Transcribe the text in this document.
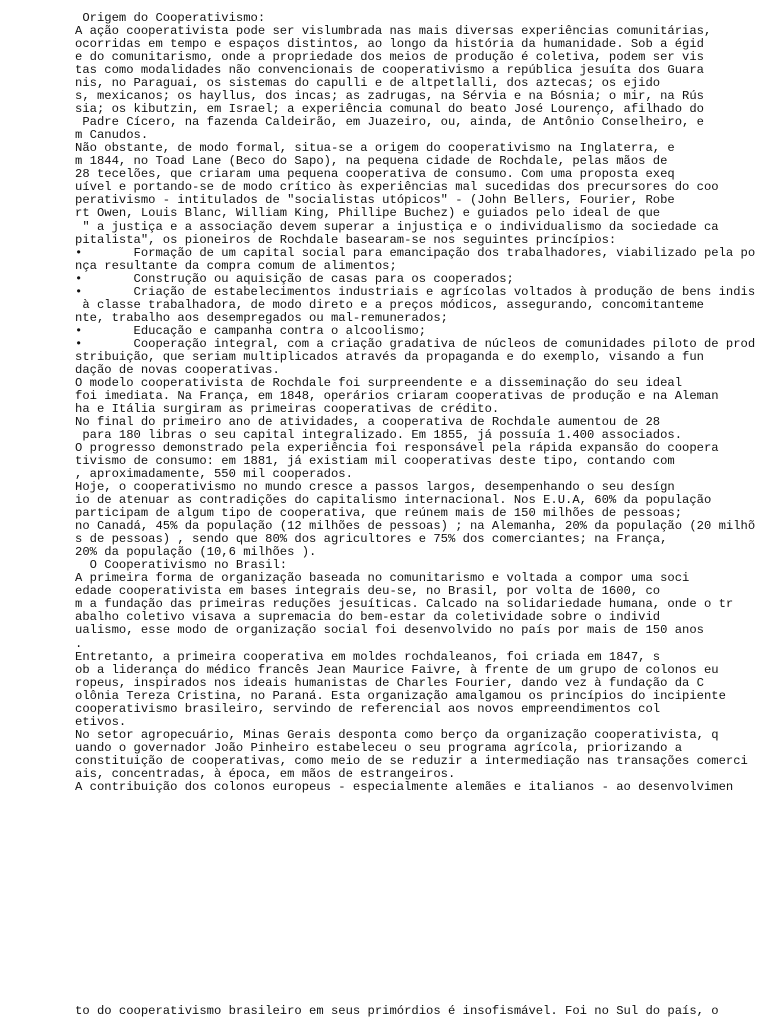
Origem do Cooperativismo:
A ação cooperativista pode ser vislumbrada nas mais diversas experiências comunitárias,
ocorridas em tempo e espaços distintos, ao longo da história da humanidade. Sob a égid
e do comunitarismo, onde a propriedade dos meios de produção é coletiva, podem ser vis
tas como modalidades não convencionais de cooperativismo a república jesuíta dos Guara
nis, no Paraguai, os sistemas do capulli e de altpetlalli, dos aztecas; os ejido
s, mexicanos; os hayllus, dos incas; as zadrugas, na Sérvia e na Bósnia; o mir, na Rús
sia; os kibutzin, em Israel; a experiência comunal do beato José Lourenço, afilhado do
Padre Cícero, na fazenda Caldeirão, em Juazeiro, ou, ainda, de Antônio Conselheiro, e
m Canudos.
Não obstante, de modo formal, situa-se a origem do cooperativismo na Inglaterra, e
m 1844, no Toad Lane (Beco do Sapo), na pequena cidade de Rochdale, pelas mãos de
28 tecelões, que criaram uma pequena cooperativa de consumo. Com uma proposta exeq
uível e portando-se de modo crítico às experiências mal sucedidas dos precursores do coo
perativismo - intitulados de "socialistas utópicos" - (John Bellers, Fourier, Robe
rt Owen, Louis Blanc, William King, Phillipe Buchez) e guiados pelo ideal de que
" a justiça e a associação devem superar a injustiça e o individualismo da sociedade ca
pitalista", os pioneiros de Rochdale basearam-se nos seguintes princípios:
•       Formação de um capital social para emancipação dos trabalhadores, viabilizado pela po
nça resultante da compra comum de alimentos;
•       Construção ou aquisição de casas para os cooperados;
•       Criação de estabelecimentos industriais e agrícolas voltados à produção de bens indis
à classe trabalhadora, de modo direto e a preços módicos, assegurando, concomitanteme
nte, trabalho aos desempregados ou mal-remunerados;
•       Educação e campanha contra o alcoolismo;
•       Cooperação integral, com a criação gradativa de núcleos de comunidades piloto de prod
stribuição, que seriam multiplicados através da propaganda e do exemplo, visando a fun
dação de novas cooperativas.
O modelo cooperativista de Rochdale foi surpreendente e a disseminação do seu ideal
foi imediata. Na França, em 1848, operários criaram cooperativas de produção e na Aleman
ha e Itália surgiram as primeiras cooperativas de crédito.
No final do primeiro ano de atividades, a cooperativa de Rochdale aumentou de 28
para 180 libras o seu capital integralizado. Em 1855, já possuía 1.400 associados.
O progresso demonstrado pela experiência foi responsável pela rápida expansão do coopera
tivismo de consumo: em 1881, já existiam mil cooperativas deste tipo, contando com
, aproximadamente, 550 mil cooperados.
Hoje, o cooperativismo no mundo cresce a passos largos, desempenhando o seu desígn
io de atenuar as contradições do capitalismo internacional. Nos E.U.A, 60% da população
participam de algum tipo de cooperativa, que reúnem mais de 150 milhões de pessoas;
no Canadá, 45% da população (12 milhões de pessoas) ; na Alemanha, 20% da população (20 milhõ
s de pessoas) , sendo que 80% dos agricultores e 75% dos comerciantes; na França,
20% da população (10,6 milhões ).
O Cooperativismo no Brasil:
A primeira forma de organização baseada no comunitarismo e voltada a compor uma soci
edade cooperativista em bases integrais deu-se, no Brasil, por volta de 1600, co
m a fundação das primeiras reduções jesuíticas. Calcado na solidariedade humana, onde o tr
abalho coletivo visava a supremacia do bem-estar da coletividade sobre o individ
ualismo, esse modo de organização social foi desenvolvido no país por mais de 150 anos
.
Entretanto, a primeira cooperativa em moldes rochdaleanos, foi criada em 1847, s
ob a liderança do médico francês Jean Maurice Faivre, à frente de um grupo de colonos eu
ropeus, inspirados nos ideais humanistas de Charles Fourier, dando vez à fundação da C
olônia Tereza Cristina, no Paraná. Esta organização amalgamou os princípios do incipiente
cooperativismo brasileiro, servindo de referencial aos novos empreendimentos col
etivos.
No setor agropecuário, Minas Gerais desponta como berço da organização cooperativista, q
uando o governador João Pinheiro estabeleceu o seu programa agrícola, priorizando a
constituição de cooperativas, como meio de se reduzir a intermediação nas transações comerci
ais, concentradas, à época, em mãos de estrangeiros.
A contribuição dos colonos europeus - especialmente alemães e italianos - ao desenvolvimen
to do cooperativismo brasileiro em seus primórdios é insofismável. Foi no Sul do país, o
